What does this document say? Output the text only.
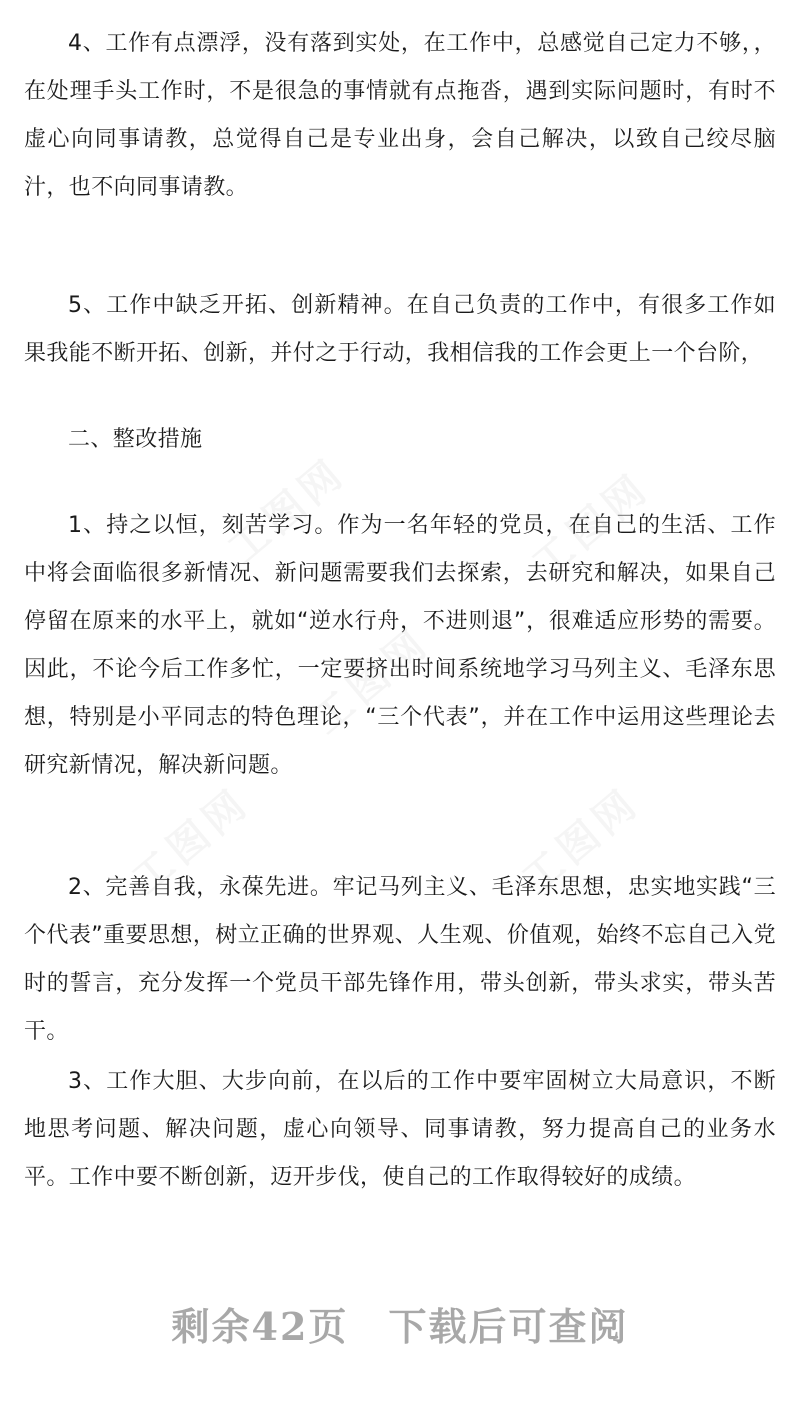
工图网	工图网
工图网
工图网	工图网

4、工作有点漂浮，没有落到实处，在工作中，总感觉自己定力不够，，在处理手头工作时，不是很急的事情就有点拖沓，遇到实际问题时，有时不虚心向同事请教，总觉得自己是专业出身，会自己解决，以致自己绞尽脑汁，也不向同事请教。

5、工作中缺乏开拓、创新精神。在自己负责的工作中，有很多工作如果我能不断开拓、创新，并付之于行动，我相信我的工作会更上一个台阶，

二、整改措施

1、持之以恒，刻苦学习。作为一名年轻的党员，在自己的生活、工作中将会面临很多新情况、新问题需要我们去探索，去研究和解决，如果自己停留在原来的水平上，就如“逆水行舟，不进则退”，很难适应形势的需要。因此，不论今后工作多忙，一定要挤出时间系统地学习马列主义、毛泽东思想，特别是小平同志的特色理论，“三个代表”，并在工作中运用这些理论去研究新情况，解决新问题。

2、完善自我，永葆先进。牢记马列主义、毛泽东思想，忠实地实践“三个代表”重要思想，树立正确的世界观、人生观、价值观，始终不忘自己入党时的誓言，充分发挥一个党员干部先锋作用，带头创新，带头求实，带头苦干。

3、工作大胆、大步向前，在以后的工作中要牢固树立大局意识，不断地思考问题、解决问题，虚心向领导、同事请教，努力提高自己的业务水平。工作中要不断创新，迈开步伐，使自己的工作取得较好的成绩。

剩余42页 下载后可查阅
